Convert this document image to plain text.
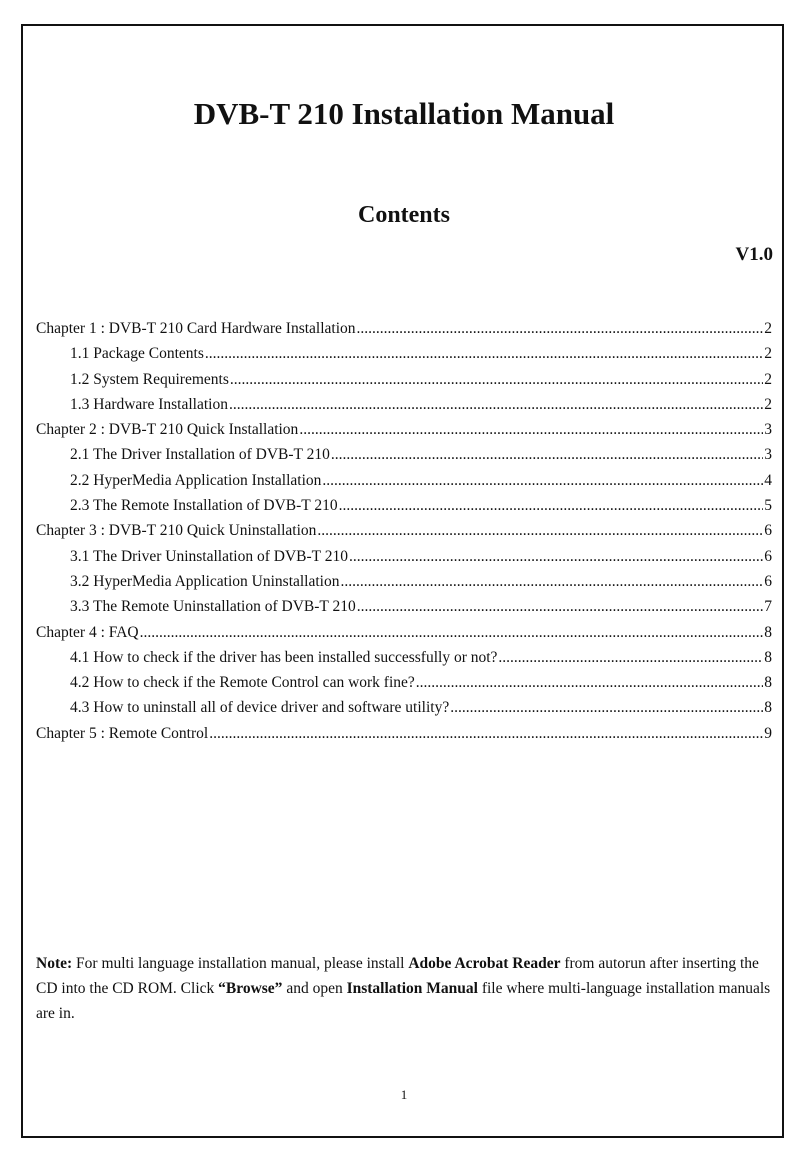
DVB-T 210 Installation Manual
Contents
V1.0
Chapter 1 : DVB-T 210 Card Hardware Installation .....	2
1.1 Package Contents .....	2
1.2 System Requirements .....	2
1.3 Hardware Installation .....	2
Chapter 2 : DVB-T 210 Quick Installation .....	3
2.1 The Driver Installation of DVB-T 210 .....	3
2.2 HyperMedia Application Installation .....	4
2.3 The Remote Installation of DVB-T 210 .....	5
Chapter 3 : DVB-T 210 Quick Uninstallation .....	6
3.1 The Driver Uninstallation of DVB-T 210 .....	6
3.2 HyperMedia Application Uninstallation .....	6
3.3 The Remote Uninstallation of DVB-T 210 .....	7
Chapter 4 : FAQ .....	8
4.1 How to check if the driver has been installed successfully or not? .....	8
4.2 How to check if the Remote Control can work fine? .....	8
4.3 How to uninstall all of device driver and software utility? .....	8
Chapter 5 : Remote Control .....	9
Note: For multi language installation manual, please install Adobe Acrobat Reader from autorun after inserting the CD into the CD ROM. Click “Browse” and open Installation Manual file where multi-language installation manuals are in.
1
